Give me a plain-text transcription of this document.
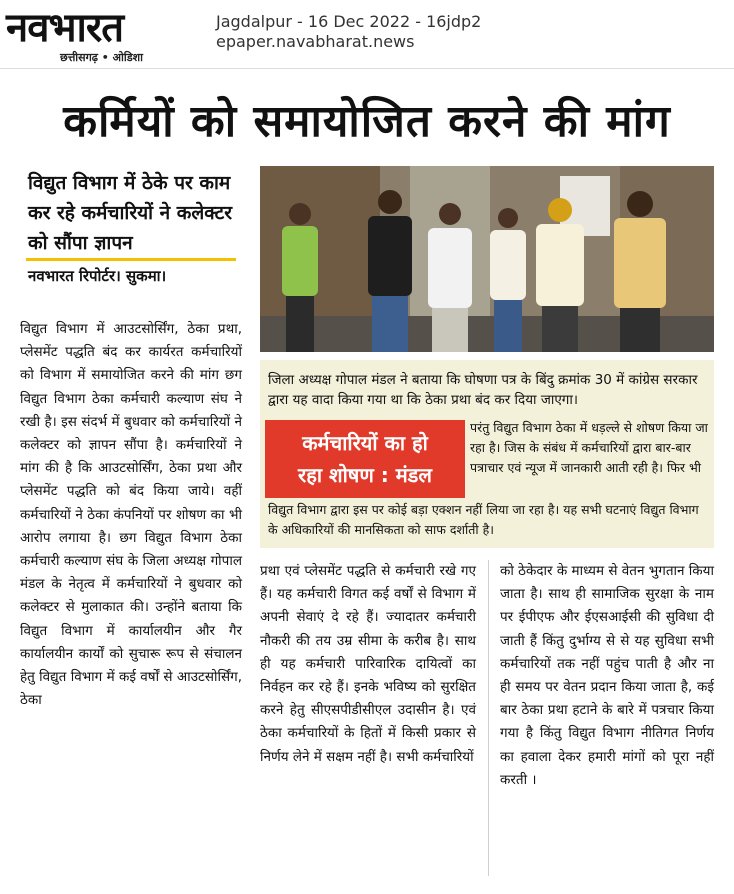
नवभारत
छत्तीसगढ़ • ओडिशा
Jagdalpur - 16 Dec 2022 - 16jdp2
epaper.navabharat.news
कर्मियों को समायोजित करने की मांग
विद्युत विभाग में ठेके पर काम कर रहे कर्मचारियों ने कलेक्टर को सौंपा ज्ञापन
नवभारत रिपोर्टर। सुकमा।
जिला अध्यक्ष गोपाल मंडल ने बताया कि घोषणा पत्र के बिंदु क्रमांक 30 में कांग्रेस सरकार द्वारा यह वादा किया गया था कि ठेका प्रथा बंद कर दिया जाएगा।
कर्मचारियों का हो
रहा शोषण : मंडल
परंतु विद्युत विभाग ठेका में धड़ल्ले से शोषण किया जा रहा है। जिस के संबंध में कर्मचारियों द्वारा बार-बार पत्राचार एवं न्यूज में जानकारी आती रही है। फिर भी
विद्युत विभाग द्वारा इस पर कोई बड़ा एक्शन नहीं लिया जा रहा है। यह सभी घटनाएं विद्युत विभाग के अधिकारियों की मानसिकता को साफ दर्शाती है।
विद्युत विभाग में आउटसोर्सिंग, ठेका प्रथा, प्लेसमेंट पद्धति बंद कर कार्यरत कर्मचारियों को विभाग में समायोजित करने की मांग छग विद्युत विभाग ठेका कर्मचारी कल्याण संघ ने रखी है। इस संदर्भ में बुधवार को कर्मचारियों ने कलेक्टर को ज्ञापन सौंपा है। कर्मचारियों ने मांग की है कि आउटसोर्सिंग, ठेका प्रथा और प्लेसमेंट पद्धति को बंद किया जाये। वहीं कर्मचारियों ने ठेका कंपनियों पर शोषण का भी आरोप लगाया है। छग विद्युत विभाग ठेका कर्मचारी कल्याण संघ के जिला अध्यक्ष गोपाल मंडल के नेतृत्व में कर्मचारियों ने बुधवार को कलेक्टर से मुलाकात की। उन्होंने बताया कि विद्युत विभाग में कार्यालयीन और गैर कार्यालयीन कार्यों को सुचारू रूप से संचालन हेतु विद्युत विभाग में कई वर्षों से आउटसोर्सिंग, ठेका
प्रथा एवं प्लेसमेंट पद्धति से कर्मचारी रखे गए हैं। यह कर्मचारी विगत कई वर्षों से विभाग में अपनी सेवाएं दे रहे हैं। ज्यादातर कर्मचारी नौकरी की तय उम्र सीमा के करीब है। साथ ही यह कर्मचारी पारिवारिक दायित्वों का निर्वहन कर रहे हैं। इनके भविष्य को सुरक्षित करने हेतु सीएसपीडीसीएल उदासीन है। एवं ठेका कर्मचारियों के हितों में किसी प्रकार से निर्णय लेने में सक्षम नहीं है। सभी कर्मचारियों
को ठेकेदार के माध्यम से वेतन भुगतान किया जाता है। साथ ही सामाजिक सुरक्षा के नाम पर ईपीएफ और ईएसआईसी की सुविधा दी जाती हैं किंतु दुर्भाग्य से से यह सुविधा सभी कर्मचारियों तक नहीं पहुंच पाती है और ना ही समय पर वेतन प्रदान किया जाता है, कई बार ठेका प्रथा हटाने के बारे में पत्रचार किया गया है किंतु विद्युत विभाग नीतिगत निर्णय का हवाला देकर हमारी मांगों को पूरा नहीं करती ।
